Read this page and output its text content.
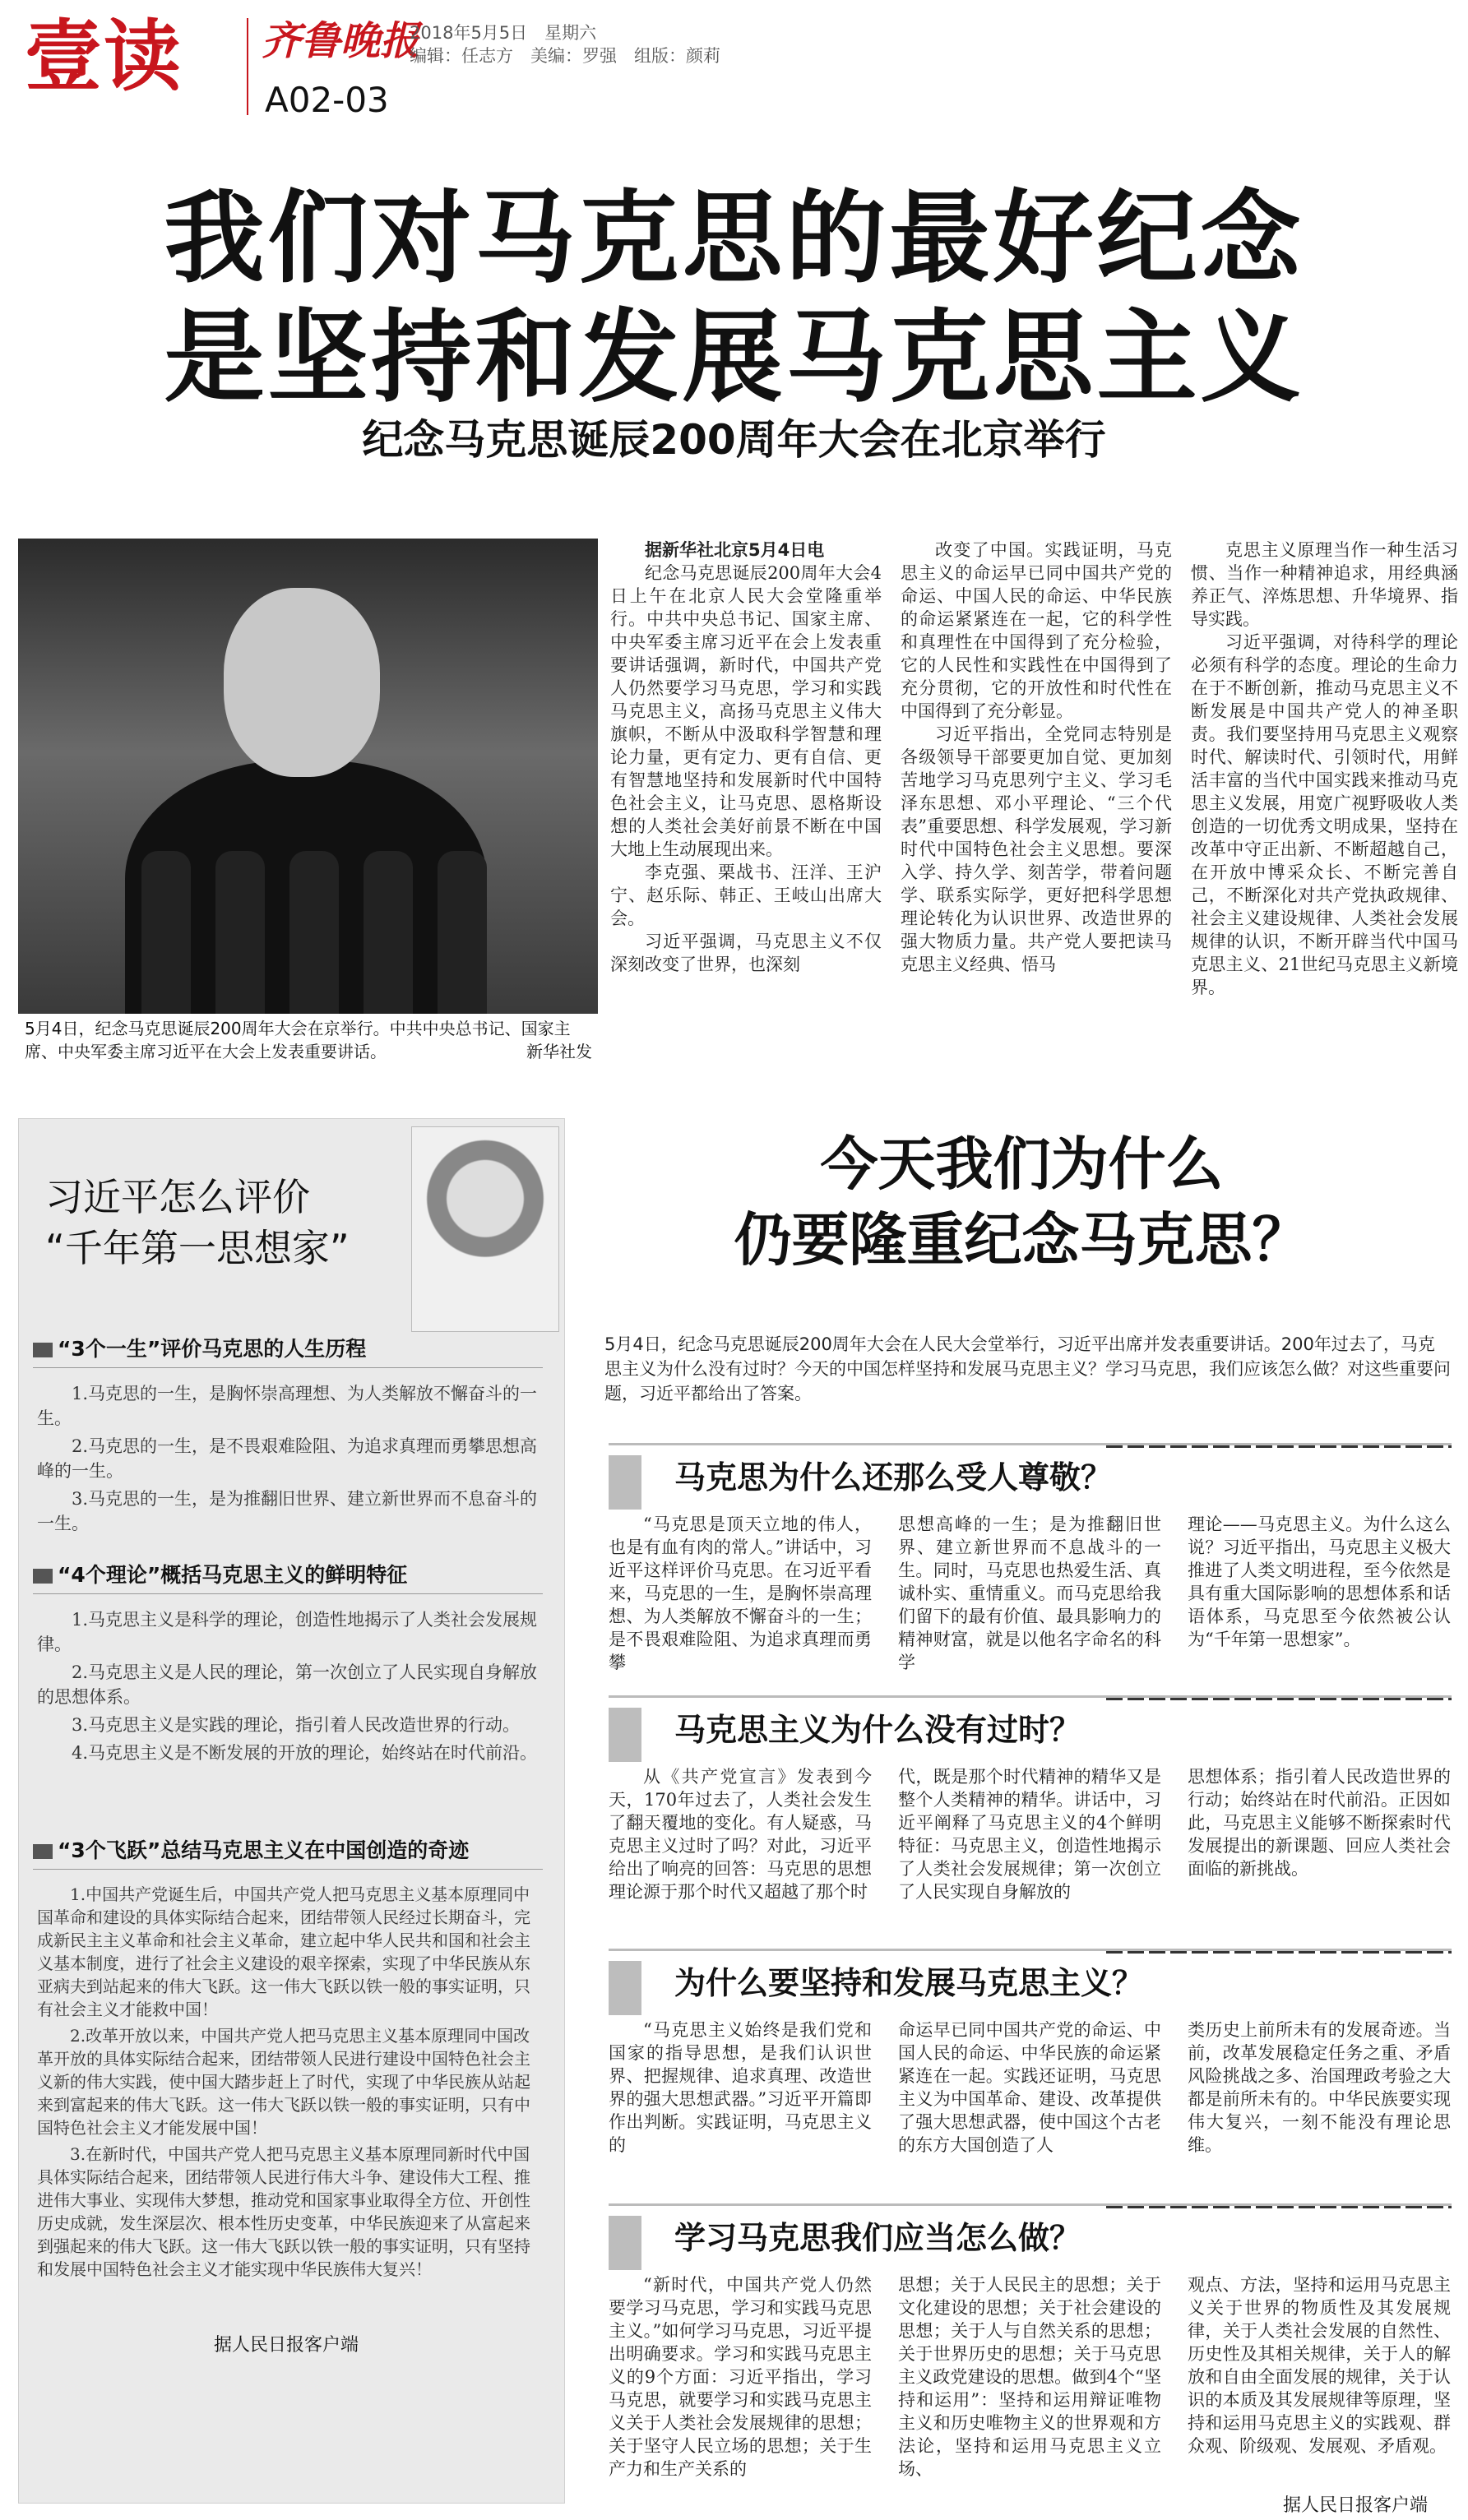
壹读 齐鲁晚报
A02-03
2018年5月5日　星期六
编辑：任志方　美编：罗强　组版：颜莉
我们对马克思的最好纪念
是坚持和发展马克思主义
纪念马克思诞辰200周年大会在北京举行
5月4日，纪念马克思诞辰200周年大会在京举行。中共中央总书记、国家主席、中央军委主席习近平在大会上发表重要讲话。	新华社发

据新华社北京5月4日电

纪念马克思诞辰200周年大会4日上午在北京人民大会堂隆重举行。中共中央总书记、国家主席、中央军委主席习近平在会上发表重要讲话强调，新时代，中国共产党人仍然要学习马克思，学习和实践马克思主义，高扬马克思主义伟大旗帜，不断从中汲取科学智慧和理论力量，更有定力、更有自信、更有智慧地坚持和发展新时代中国特色社会主义，让马克思、恩格斯设想的人类社会美好前景不断在中国大地上生动展现出来。

李克强、栗战书、汪洋、王沪宁、赵乐际、韩正、王岐山出席大会。

习近平强调，马克思主义不仅深刻改变了世界，也深刻

改变了中国。实践证明，马克思主义的命运早已同中国共产党的命运、中国人民的命运、中华民族的命运紧紧连在一起，它的科学性和真理性在中国得到了充分检验，它的人民性和实践性在中国得到了充分贯彻，它的开放性和时代性在中国得到了充分彰显。

习近平指出，全党同志特别是各级领导干部要更加自觉、更加刻苦地学习马克思列宁主义、学习毛泽东思想、邓小平理论、“三个代表”重要思想、科学发展观，学习新时代中国特色社会主义思想。要深入学、持久学、刻苦学，带着问题学、联系实际学，更好把科学思想理论转化为认识世界、改造世界的强大物质力量。共产党人要把读马克思主义经典、悟马

克思主义原理当作一种生活习惯、当作一种精神追求，用经典涵养正气、淬炼思想、升华境界、指导实践。

习近平强调，对待科学的理论必须有科学的态度。理论的生命力在于不断创新，推动马克思主义不断发展是中国共产党人的神圣职责。我们要坚持用马克思主义观察时代、解读时代、引领时代，用鲜活丰富的当代中国实践来推动马克思主义发展，用宽广视野吸收人类创造的一切优秀文明成果，坚持在改革中守正出新、不断超越自己，在开放中博采众长、不断完善自己，不断深化对共产党执政规律、社会主义建设规律、人类社会发展规律的认识，不断开辟当代中国马克思主义、21世纪马克思主义新境界。

习近平怎么评价
“千年第一思想家”
“3个一生”评价马克思的人生历程

1.马克思的一生，是胸怀崇高理想、为人类解放不懈奋斗的一生。

2.马克思的一生，是不畏艰难险阻、为追求真理而勇攀思想高峰的一生。

3.马克思的一生，是为推翻旧世界、建立新世界而不息奋斗的一生。

“4个理论”概括马克思主义的鲜明特征

1.马克思主义是科学的理论，创造性地揭示了人类社会发展规律。

2.马克思主义是人民的理论，第一次创立了人民实现自身解放的思想体系。

3.马克思主义是实践的理论，指引着人民改造世界的行动。

4.马克思主义是不断发展的开放的理论，始终站在时代前沿。

“3个飞跃”总结马克思主义在中国创造的奇迹

1.中国共产党诞生后，中国共产党人把马克思主义基本原理同中国革命和建设的具体实际结合起来，团结带领人民经过长期奋斗，完成新民主主义革命和社会主义革命，建立起中华人民共和国和社会主义基本制度，进行了社会主义建设的艰辛探索，实现了中华民族从东亚病夫到站起来的伟大飞跃。这一伟大飞跃以铁一般的事实证明，只有社会主义才能救中国！

2.改革开放以来，中国共产党人把马克思主义基本原理同中国改革开放的具体实际结合起来，团结带领人民进行建设中国特色社会主义新的伟大实践，使中国大踏步赶上了时代，实现了中华民族从站起来到富起来的伟大飞跃。这一伟大飞跃以铁一般的事实证明，只有中国特色社会主义才能发展中国！

3.在新时代，中国共产党人把马克思主义基本原理同新时代中国具体实际结合起来，团结带领人民进行伟大斗争、建设伟大工程、推进伟大事业、实现伟大梦想，推动党和国家事业取得全方位、开创性历史成就，发生深层次、根本性历史变革，中华民族迎来了从富起来到强起来的伟大飞跃。这一伟大飞跃以铁一般的事实证明，只有坚持和发展中国特色社会主义才能实现中华民族伟大复兴！

据人民日报客户端
今天我们为什么
仍要隆重纪念马克思？
5月4日，纪念马克思诞辰200周年大会在人民大会堂举行，习近平出席并发表重要讲话。200年过去了，马克思主义为什么没有过时？今天的中国怎样坚持和发展马克思主义？学习马克思，我们应该怎么做？对这些重要问题，习近平都给出了答案。
马克思为什么还那么受人尊敬？

“马克思是顶天立地的伟人，也是有血有肉的常人。”讲话中，习近平这样评价马克思。在习近平看来，马克思的一生，是胸怀崇高理想、为人类解放不懈奋斗的一生；是不畏艰难险阻、为追求真理而勇攀

思想高峰的一生；是为推翻旧世界、建立新世界而不息战斗的一生。同时，马克思也热爱生活、真诚朴实、重情重义。而马克思给我们留下的最有价值、最具影响力的精神财富，就是以他名字命名的科学

理论——马克思主义。为什么这么说？习近平指出，马克思主义极大推进了人类文明进程，至今依然是具有重大国际影响的思想体系和话语体系，马克思至今依然被公认为“千年第一思想家”。

马克思主义为什么没有过时？

从《共产党宣言》发表到今天，170年过去了，人类社会发生了翻天覆地的变化。有人疑惑，马克思主义过时了吗？对此，习近平给出了响亮的回答：马克思的思想理论源于那个时代又超越了那个时

代，既是那个时代精神的精华又是整个人类精神的精华。讲话中，习近平阐释了马克思主义的4个鲜明特征：马克思主义，创造性地揭示了人类社会发展规律；第一次创立了人民实现自身解放的

思想体系；指引着人民改造世界的行动；始终站在时代前沿。正因如此，马克思主义能够不断探索时代发展提出的新课题、回应人类社会面临的新挑战。

为什么要坚持和发展马克思主义？

“马克思主义始终是我们党和国家的指导思想，是我们认识世界、把握规律、追求真理、改造世界的强大思想武器。”习近平开篇即作出判断。实践证明，马克思主义的

命运早已同中国共产党的命运、中国人民的命运、中华民族的命运紧紧连在一起。实践还证明，马克思主义为中国革命、建设、改革提供了强大思想武器，使中国这个古老的东方大国创造了人

类历史上前所未有的发展奇迹。当前，改革发展稳定任务之重、矛盾风险挑战之多、治国理政考验之大都是前所未有的。中华民族要实现伟大复兴，一刻不能没有理论思维。

学习马克思我们应当怎么做？

“新时代，中国共产党人仍然要学习马克思，学习和实践马克思主义。”如何学习马克思，习近平提出明确要求。学习和实践马克思主义的9个方面：习近平指出，学习马克思，就要学习和实践马克思主义关于人类社会发展规律的思想；关于坚守人民立场的思想；关于生产力和生产关系的

思想；关于人民民主的思想；关于文化建设的思想；关于社会建设的思想；关于人与自然关系的思想；关于世界历史的思想；关于马克思主义政党建设的思想。做到4个“坚持和运用”：坚持和运用辩证唯物主义和历史唯物主义的世界观和方法论，坚持和运用马克思主义立场、

观点、方法，坚持和运用马克思主义关于世界的物质性及其发展规律，关于人类社会发展的自然性、历史性及其相关规律，关于人的解放和自由全面发展的规律，关于认识的本质及其发展规律等原理，坚持和运用马克思主义的实践观、群众观、阶级观、发展观、矛盾观。

据人民日报客户端
